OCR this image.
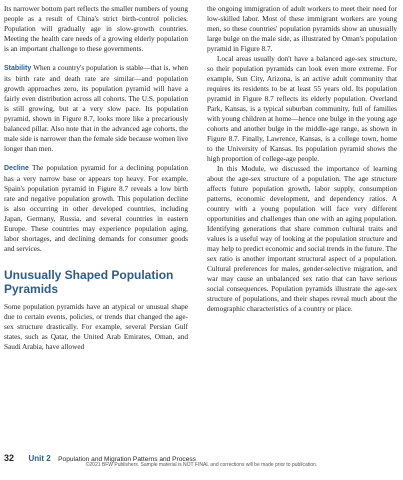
Its narrower bottom part reflects the smaller numbers of young people as a result of China's strict birth-control policies. Population will gradually age in slow-growth countries. Meeting the health care needs of a growing elderly population is an important challenge to these governments.

Stability When a country's population is stable—that is, when its birth rate and death rate are similar—and population growth approaches zero, its population pyramid will have a fairly even distribution across all cohorts. The U.S. population is still growing, but at a very slow pace. Its population pyramid, shown in Figure 8.7, looks more like a precariously balanced pillar. Also note that in the advanced age cohorts, the male side is narrower than the female side because women live longer than men.

Decline The population pyramid for a declining population has a very narrow base or appears top heavy. For example, Spain's population pyramid in Figure 8.7 reveals a low birth rate and negative population growth. This population decline is also occurring in other developed countries, including Japan, Germany, Russia, and several countries in eastern Europe. These countries may experience population aging, labor shortages, and declining demands for consumer goods and services.

Unusually Shaped Population Pyramids

Some population pyramids have an atypical or unusual shape due to certain events, policies, or trends that changed the age-sex structure drastically. For example, several Persian Gulf states, such as Qatar, the United Arab Emirates, Oman, and Saudi Arabia, have allowed

the ongoing immigration of adult workers to meet their need for low-skilled labor. Most of these immigrant workers are young men, so these countries' population pyramids show an unusually large bulge on the male side, as illustrated by Oman's population pyramid in Figure 8.7.

Local areas usually don't have a balanced age-sex structure, so their population pyramids can look even more extreme. For example, Sun City, Arizona, is an active adult community that requires its residents to be at least 55 years old. Its population pyramid in Figure 8.7 reflects its elderly population. Overland Park, Kansas, is a typical suburban community, full of families with young children at home—hence one bulge in the young age cohorts and another bulge in the middle-age range, as shown in Figure 8.7. Finally, Lawrence, Kansas, is a college town, home to the University of Kansas. Its population pyramid shows the high proportion of college-age people.

In this Module, we discussed the importance of learning about the age-sex structure of a population. The age structure affects future population growth, labor supply, consumption patterns, economic development, and dependency ratios. A country with a young population will face very different opportunities and challenges than one with an aging population. Identifying generations that share common cultural traits and values is a useful way of looking at the population structure and may help to predict economic and social trends in the future. The sex ratio is another important structural aspect of a population. Cultural preferences for males, gender-selective migration, and war may cause an unbalanced sex ratio that can have serious social consequences. Population pyramids illustrate the age-sex structure of populations, and their shapes reveal much about the demographic characteristics of a country or place.

32 Unit 2 Population and Migration Patterns and Process
©2021 BFW Publishers. Sample material is NOT FINAL and corrections will be made prior to publication.
